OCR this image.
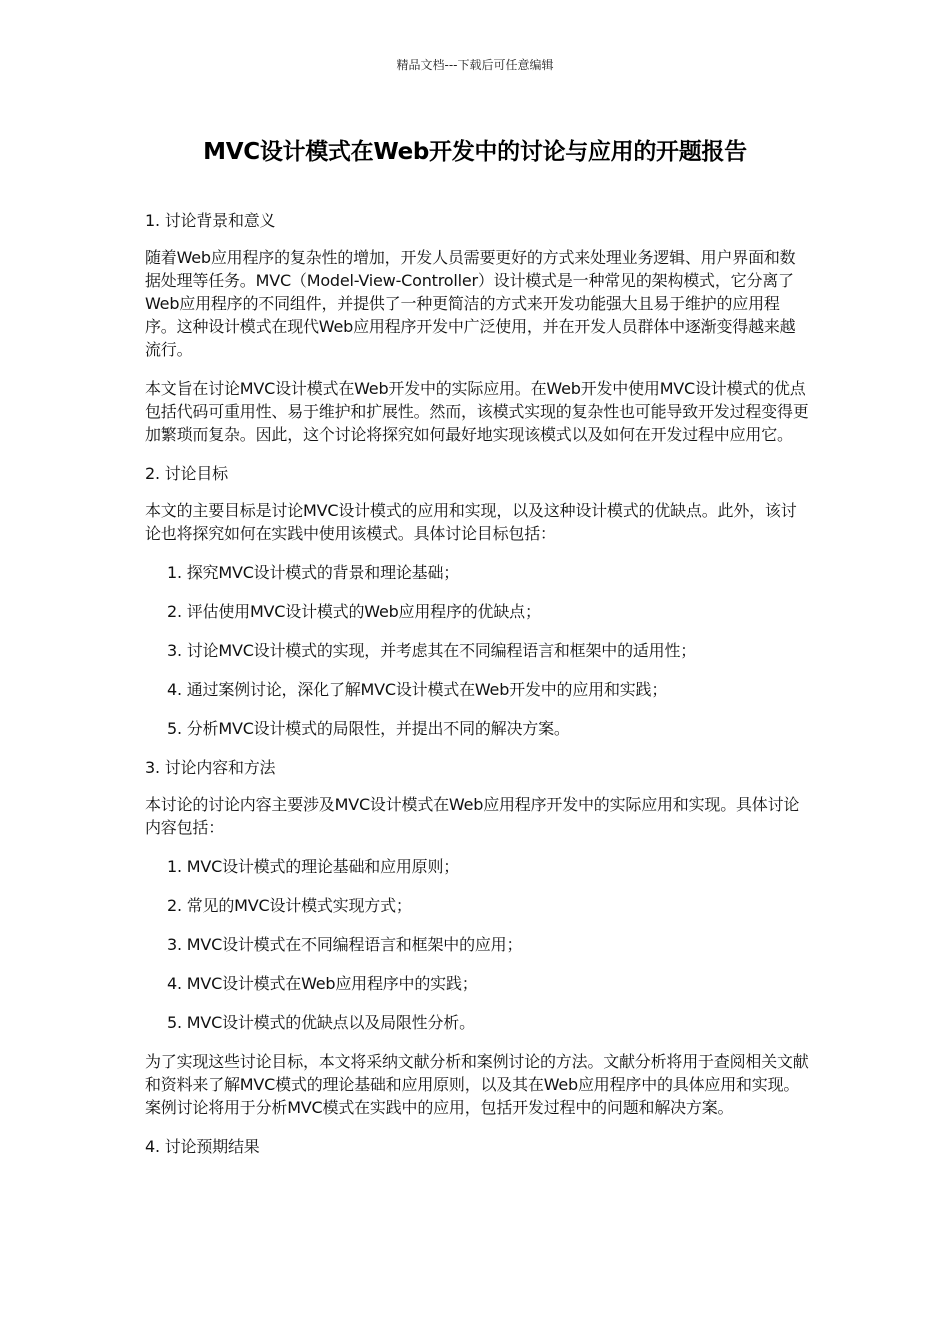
精品文档---下载后可任意编辑
MVC设计模式在Web开发中的讨论与应用的开题报告
1. 讨论背景和意义

随着Web应用程序的复杂性的增加，开发人员需要更好的方式来处理业务逻辑、用户界面和数据处理等任务。MVC（Model-View-Controller）设计模式是一种常见的架构模式，它分离了Web应用程序的不同组件，并提供了一种更简洁的方式来开发功能强大且易于维护的应用程序。这种设计模式在现代Web应用程序开发中广泛使用，并在开发人员群体中逐渐变得越来越流行。

本文旨在讨论MVC设计模式在Web开发中的实际应用。在Web开发中使用MVC设计模式的优点包括代码可重用性、易于维护和扩展性。然而，该模式实现的复杂性也可能导致开发过程变得更加繁琐而复杂。因此，这个讨论将探究如何最好地实现该模式以及如何在开发过程中应用它。

2. 讨论目标

本文的主要目标是讨论MVC设计模式的应用和实现，以及这种设计模式的优缺点。此外，该讨论也将探究如何在实践中使用该模式。具体讨论目标包括：

1. 探究MVC设计模式的背景和理论基础；
2. 评估使用MVC设计模式的Web应用程序的优缺点；
3. 讨论MVC设计模式的实现，并考虑其在不同编程语言和框架中的适用性；
4. 通过案例讨论，深化了解MVC设计模式在Web开发中的应用和实践；
5. 分析MVC设计模式的局限性，并提出不同的解决方案。
3. 讨论内容和方法

本讨论的讨论内容主要涉及MVC设计模式在Web应用程序开发中的实际应用和实现。具体讨论内容包括：

1. MVC设计模式的理论基础和应用原则；
2. 常见的MVC设计模式实现方式；
3. MVC设计模式在不同编程语言和框架中的应用；
4. MVC设计模式在Web应用程序中的实践；
5. MVC设计模式的优缺点以及局限性分析。

为了实现这些讨论目标，本文将采纳文献分析和案例讨论的方法。文献分析将用于查阅相关文献和资料来了解MVC模式的理论基础和应用原则，以及其在Web应用程序中的具体应用和实现。案例讨论将用于分析MVC模式在实践中的应用，包括开发过程中的问题和解决方案。

4. 讨论预期结果
